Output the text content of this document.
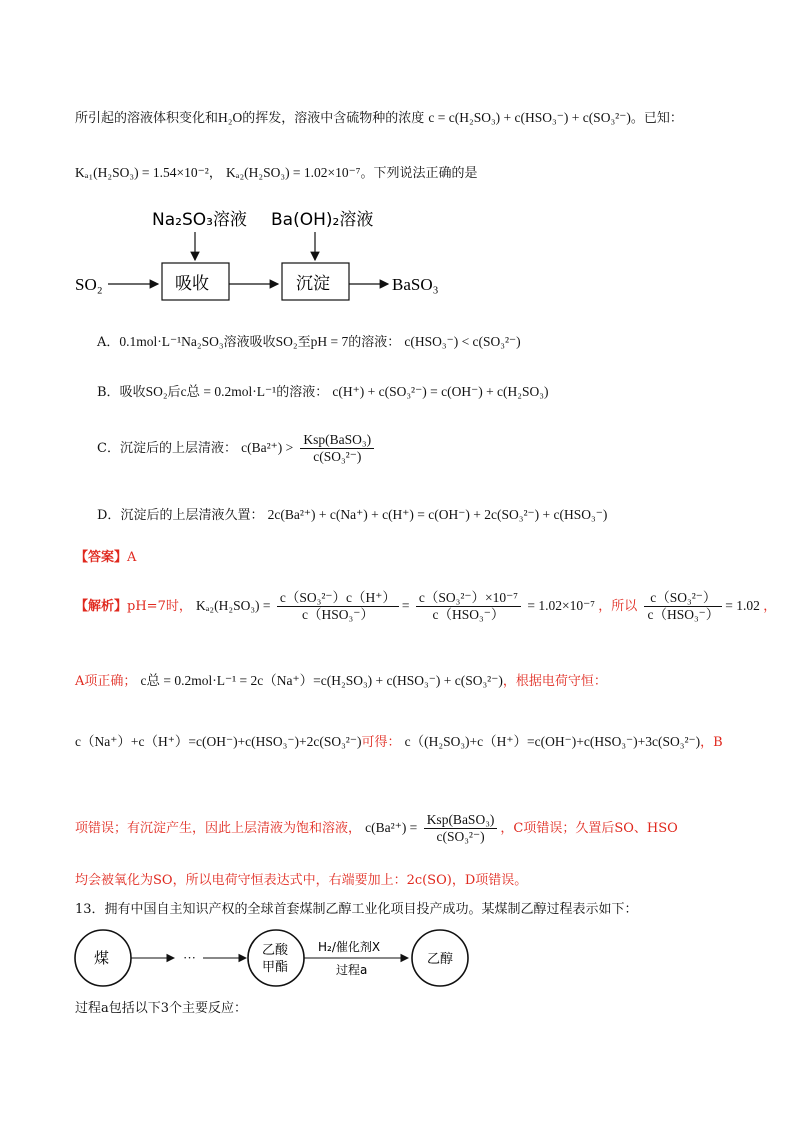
所引起的溶液体积变化和H₂O的挥发，溶液中含硫物种的浓度 c = c(H₂SO₃) + c(HSO₃⁻) + c(SO₃²⁻)。已知：
Kₐ₁(H₂SO₃) = 1.54×10⁻²， Kₐ₂(H₂SO₃) = 1.02×10⁻⁷。下列说法正确的是
Na₂SO₃溶液 Ba(OH)₂溶液
SO₂	吸收	沉淀	BaSO₃
A．0.1mol·L⁻¹Na₂SO₃溶液吸收SO₂至pH = 7的溶液： c(HSO₃⁻) < c(SO₃²⁻)
B．吸收SO₂后c总 = 0.2mol·L⁻¹的溶液： c(H⁺) + c(SO₃²⁻) = c(OH⁻) + c(H₂SO₃)
C．沉淀后的上层清液： $c(Ba^{2+}) > \frac{\text{Ksp(BaSO₃)}}{\text{c(SO₃²⁻)}}$
D．沉淀后的上层清液久置： 2c(Ba²⁺) + c(Na⁺) + c(H⁺) = c(OH⁻) + 2c(SO₃²⁻) + c(HSO₃⁻)
【答案】A
【解析】pH=7时， $K_{a2}(H_2SO_3) = \frac{\text{c（SO₃²⁻）c（H⁺）}}{\text{c（HSO₃⁻）}} = \frac{\text{c（SO₃²⁻）×10⁻⁷}}{\text{c（HSO₃⁻）}} = 1.02\times 10^{-7}$ ，所以 $\frac{\text{c（SO₃²⁻）}}{\text{c（HSO₃⁻）}} = 1.02$ ，
A项正确； c总 = 0.2mol·L⁻¹ = 2c（Na⁺）=c(H₂SO₃) + c(HSO₃⁻) + c(SO₃²⁻)，根据电荷守恒：
c（Na⁺）+c（H⁺）=c(OH⁻)+c(HSO₃⁻)+2c(SO₃²⁻)可得： c（(H₂SO₃)+c（H⁺）=c(OH⁻)+c(HSO₃⁻)+3c(SO₃²⁻)，B
项错误；有沉淀产生，因此上层清液为饱和溶液， $c(Ba^{2+}) = \frac{\text{Ksp(BaSO₃)}}{\text{c(SO₃²⁻)}}$ ，C项错误；久置后SO、HSO
均会被氧化为SO，所以电荷守恒表达式中，右端要加上：2c(SO)，D项错误。
13．拥有中国自主知识产权的全球首套煤制乙醇工业化项目投产成功。某煤制乙醇过程表示如下：
煤	···	乙酸
甲酯
H₂/催化剂X
过程a
乙醇
过程a包括以下3个主要反应：
